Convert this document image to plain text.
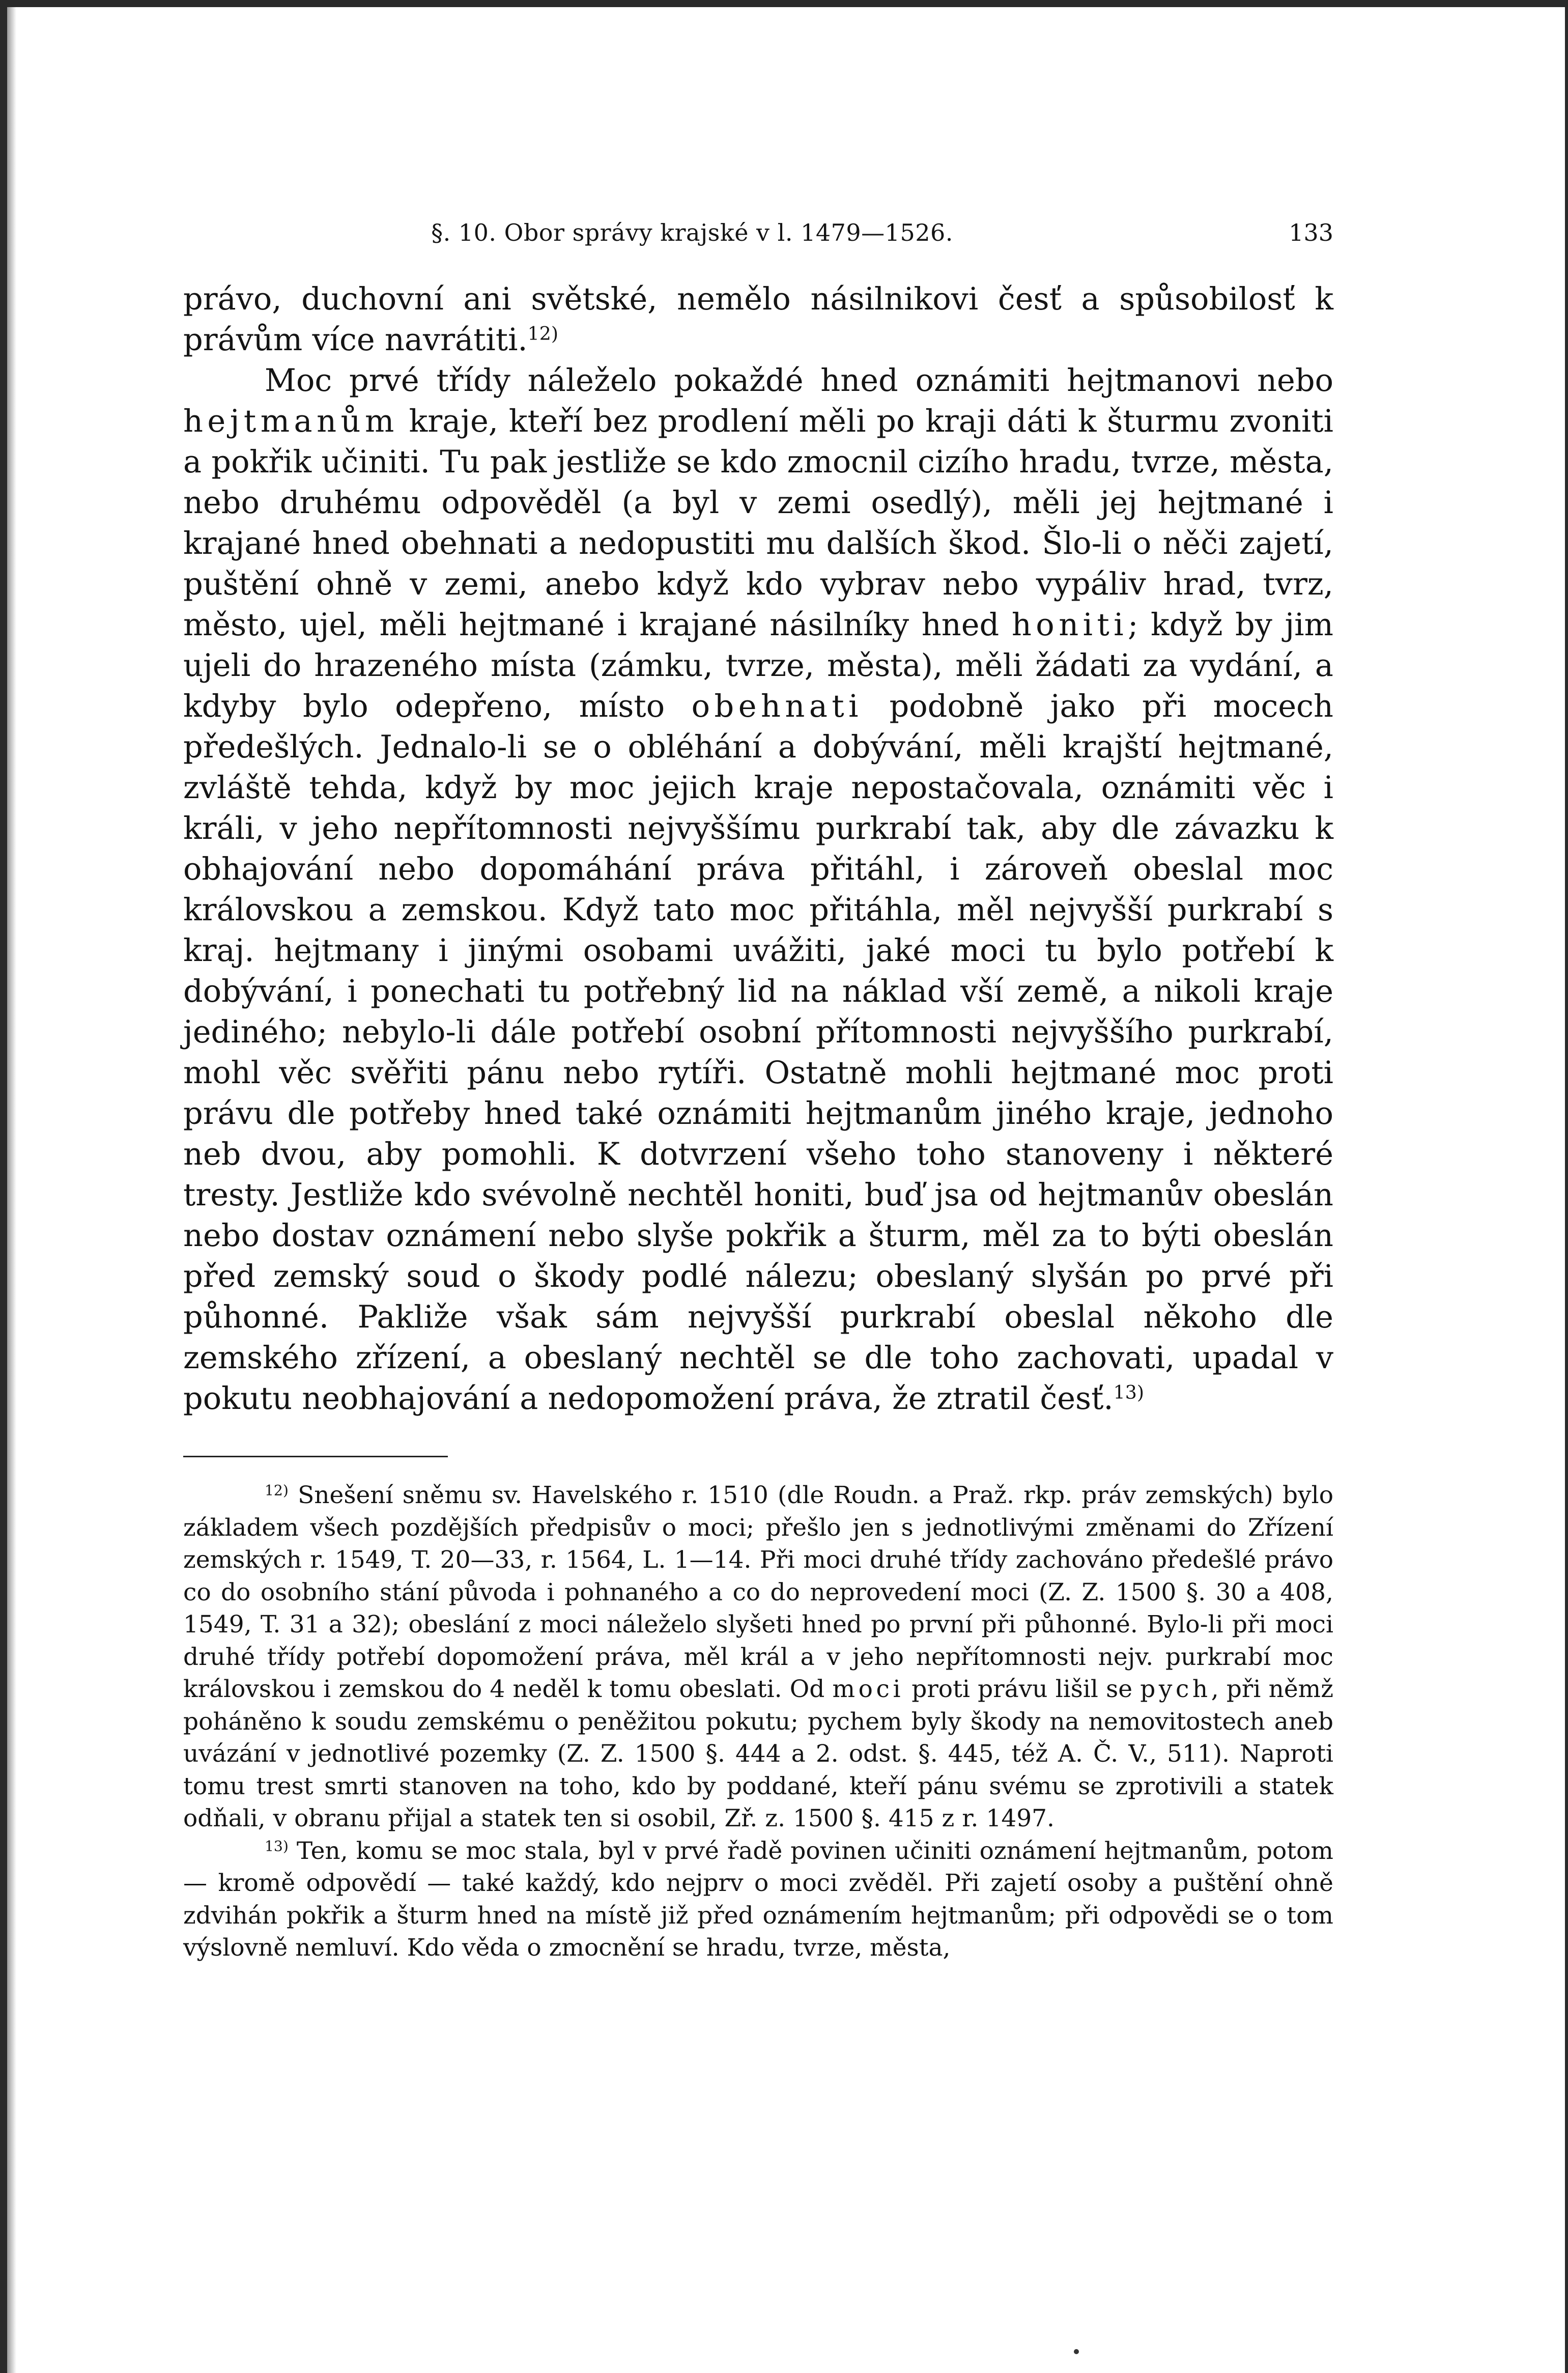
§. 10. Obor správy krajské v l. 1479—1526.	133

právo, duchovní ani světské, nemělo násilnikovi česť a spůsobilosť k právům více navrátiti.$^{12)}$

Moc prvé třídy náleželo pokaždé hned oznámiti hejtmanovi nebo hejtmanům kraje, kteří bez prodlení měli po kraji dáti k šturmu zvoniti a pokřik učiniti. Tu pak jestliže se kdo zmocnil cizího hradu, tvrze, města, nebo druhému odpověděl (a byl v zemi osedlý), měli jej hejtmané i krajané hned obehnati a nedopustiti mu dalších škod. Šlo-li o něči zajetí, puštění ohně v zemi, anebo když kdo vybrav nebo vypáliv hrad, tvrz, město, ujel, měli hejtmané i krajané násilníky hned honiti; když by jim ujeli do hrazeného místa (zámku, tvrze, města), měli žádati za vydání, a kdyby bylo odepřeno, místo obehnati podobně jako při mocech předešlých. Jednalo-li se o obléhání a dobývání, měli krajští hejtmané, zvláště tehda, když by moc jejich kraje nepostačovala, oznámiti věc i králi, v jeho nepřítomnosti nejvyššímu purkrabí tak, aby dle závazku k obhajování nebo dopomáhání práva přitáhl, i zároveň obeslal moc královskou a zemskou. Když tato moc přitáhla, měl nejvyšší purkrabí s kraj. hejtmany i jinými osobami uvážiti, jaké moci tu bylo potřebí k dobývání, i ponechati tu potřebný lid na náklad vší země, a nikoli kraje jediného; nebylo-li dále potřebí osobní přítomnosti nejvyššího purkrabí, mohl věc svěřiti pánu nebo rytíři. Ostatně mohli hejtmané moc proti právu dle potřeby hned také oznámiti hejtmanům jiného kraje, jednoho neb dvou, aby pomohli. K dotvrzení všeho toho stanoveny i některé tresty. Jestliže kdo svévolně nechtěl honiti, buď jsa od hejtmanův obeslán nebo dostav oznámení nebo slyše pokřik a šturm, měl za to býti obeslán před zemský soud o škody podlé nálezu; obeslaný slyšán po prvé při půhonné. Pakliže však sám nejvyšší purkrabí obeslal někoho dle zemského zřízení, a obeslaný nechtěl se dle toho zachovati, upadal v pokutu neobhajování a nedopomožení práva, že ztratil česť.$^{13)}$

$^{12)}$ Snešení sněmu sv. Havelského r. 1510 (dle Roudn. a Praž. rkp. práv zemských) bylo základem všech pozdějších předpisův o moci; přešlo jen s jednotlivými změnami do Zřízení zemských r. 1549, T. 20—33, r. 1564, L. 1—14. Při moci druhé třídy zachováno předešlé právo co do osobního stání původa i pohnaného a co do neprovedení moci (Z. Z. 1500 §. 30 a 408, 1549, T. 31 a 32); obeslání z moci náleželo slyšeti hned po první při půhonné. Bylo-li při moci druhé třídy potřebí dopomožení práva, měl král a v jeho nepřítomnosti nejv. purkrabí moc královskou i zemskou do 4 neděl k tomu obeslati. Od moci proti právu lišil se pych, při němž poháněno k soudu zemskému o peněžitou pokutu; pychem byly škody na nemovitostech aneb uvázání v jednotlivé pozemky (Z. Z. 1500 §. 444 a 2. odst. §. 445, též A. Č. V., 511). Naproti tomu trest smrti stanoven na toho, kdo by poddané, kteří pánu svému se zprotivili a statek odňali, v obranu přijal a statek ten si osobil, Zř. z. 1500 §. 415 z r. 1497.

$^{13)}$ Ten, komu se moc stala, byl v prvé řadě povinen učiniti oznámení hejtmanům, potom — kromě odpovědí — také každý, kdo nejprv o moci zvěděl. Při zajetí osoby a puštění ohně zdvihán pokřik a šturm hned na místě již před oznámením hejtmanům; při odpovědi se o tom výslovně nemluví. Kdo věda o zmocnění se hradu, tvrze, města,
